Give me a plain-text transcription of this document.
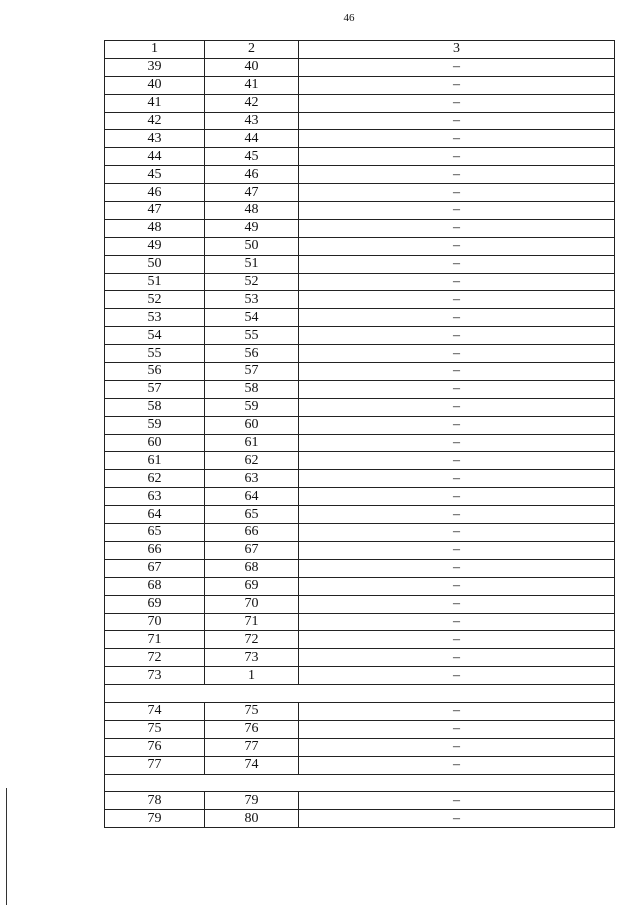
46
1	2	3
39	40	–
40	41	–
41	42	–
42	43	–
43	44	–
44	45	–
45	46	–
46	47	–
47	48	–
48	49	–
49	50	–
50	51	–
51	52	–
52	53	–
53	54	–
54	55	–
55	56	–
56	57	–
57	58	–
58	59	–
59	60	–
60	61	–
61	62	–
62	63	–
63	64	–
64	65	–
65	66	–
66	67	–
67	68	–
68	69	–
69	70	–
70	71	–
71	72	–
72	73	–
73	1	–

74	75	–
75	76	–
76	77	–
77	74	–

78	79	–
79	80	–
